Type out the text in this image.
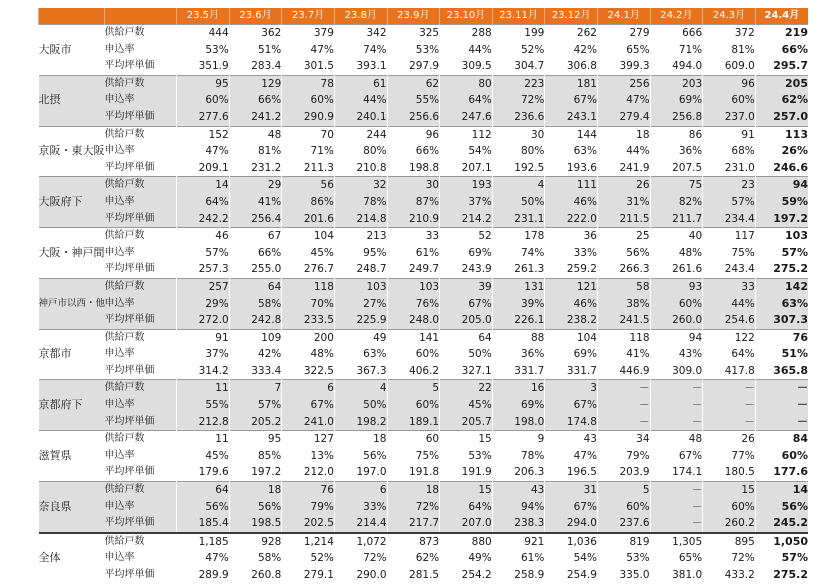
		23.5月	23.6月	23.7月	23.8月	23.9月	23.10月	23.11月	23.12月	24.1月	24.2月	24.3月	24.4月
大阪市	供給戸数	444	362	379	342	325	288	199	262	279	666	372	219
	申込率	53%	51%	47%	74%	53%	44%	52%	42%	65%	71%	81%	66%
	平均坪単価	351.9	283.4	301.5	393.1	297.9	309.5	304.7	306.8	399.3	494.0	609.0	295.7
北摂	供給戸数	95	129	78	61	62	80	223	181	256	203	96	205
	申込率	60%	66%	60%	44%	55%	64%	72%	67%	47%	69%	60%	62%
	平均坪単価	277.6	241.2	290.9	240.1	256.6	247.6	236.6	243.1	279.4	256.8	237.0	257.0
京阪・東大阪	供給戸数	152	48	70	244	96	112	30	144	18	86	91	113
	申込率	47%	81%	71%	80%	66%	54%	80%	63%	44%	36%	68%	26%
	平均坪単価	209.1	231.2	211.3	210.8	198.8	207.1	192.5	193.6	241.9	207.5	231.0	246.6
大阪府下	供給戸数	14	29	56	32	30	193	4	111	26	75	23	94
	申込率	64%	41%	86%	78%	87%	37%	50%	46%	31%	82%	57%	59%
	平均坪単価	242.2	256.4	201.6	214.8	210.9	214.2	231.1	222.0	211.5	211.7	234.4	197.2
大阪・神戸間	供給戸数	46	67	104	213	33	52	178	36	25	40	117	103
	申込率	57%	66%	45%	95%	61%	69%	74%	33%	56%	48%	75%	57%
	平均坪単価	257.3	255.0	276.7	248.7	249.7	243.9	261.3	259.2	266.3	261.6	243.4	275.2
神戸市以西・他	供給戸数	257	64	118	103	103	39	131	121	58	93	33	142
	申込率	29%	58%	70%	27%	76%	67%	39%	46%	38%	60%	44%	63%
	平均坪単価	272.0	242.8	233.5	225.9	248.0	205.0	226.1	238.2	241.5	260.0	254.6	307.3
京都市	供給戸数	91	109	200	49	141	64	88	104	118	94	122	76
	申込率	37%	42%	48%	63%	60%	50%	36%	69%	41%	43%	64%	51%
	平均坪単価	314.2	333.4	322.5	367.3	406.2	327.1	331.7	331.7	446.9	309.0	417.8	365.8
京都府下	供給戸数	11	7	6	4	5	22	16	3	－	－	－	－
	申込率	55%	57%	67%	50%	60%	45%	69%	67%	－	－	－	－
	平均坪単価	212.8	205.2	241.0	198.2	189.1	205.7	198.0	174.8	－	－	－	－
滋賀県	供給戸数	11	95	127	18	60	15	9	43	34	48	26	84
	申込率	45%	85%	13%	56%	75%	53%	78%	47%	79%	67%	77%	60%
	平均坪単価	179.6	197.2	212.0	197.0	191.8	191.9	206.3	196.5	203.9	174.1	180.5	177.6
奈良県	供給戸数	64	18	76	6	18	15	43	31	5	－	15	14
	申込率	56%	56%	79%	33%	72%	64%	94%	67%	60%	－	60%	56%
	平均坪単価	185.4	198.5	202.5	214.4	217.7	207.0	238.3	294.0	237.6	－	260.2	245.2
全体	供給戸数	1,185	928	1,214	1,072	873	880	921	1,036	819	1,305	895	1,050
	申込率	47%	58%	52%	72%	62%	49%	61%	54%	53%	65%	72%	57%
	平均坪単価	289.9	260.8	279.1	290.0	281.5	254.2	258.9	254.9	335.0	381.0	433.2	275.2
